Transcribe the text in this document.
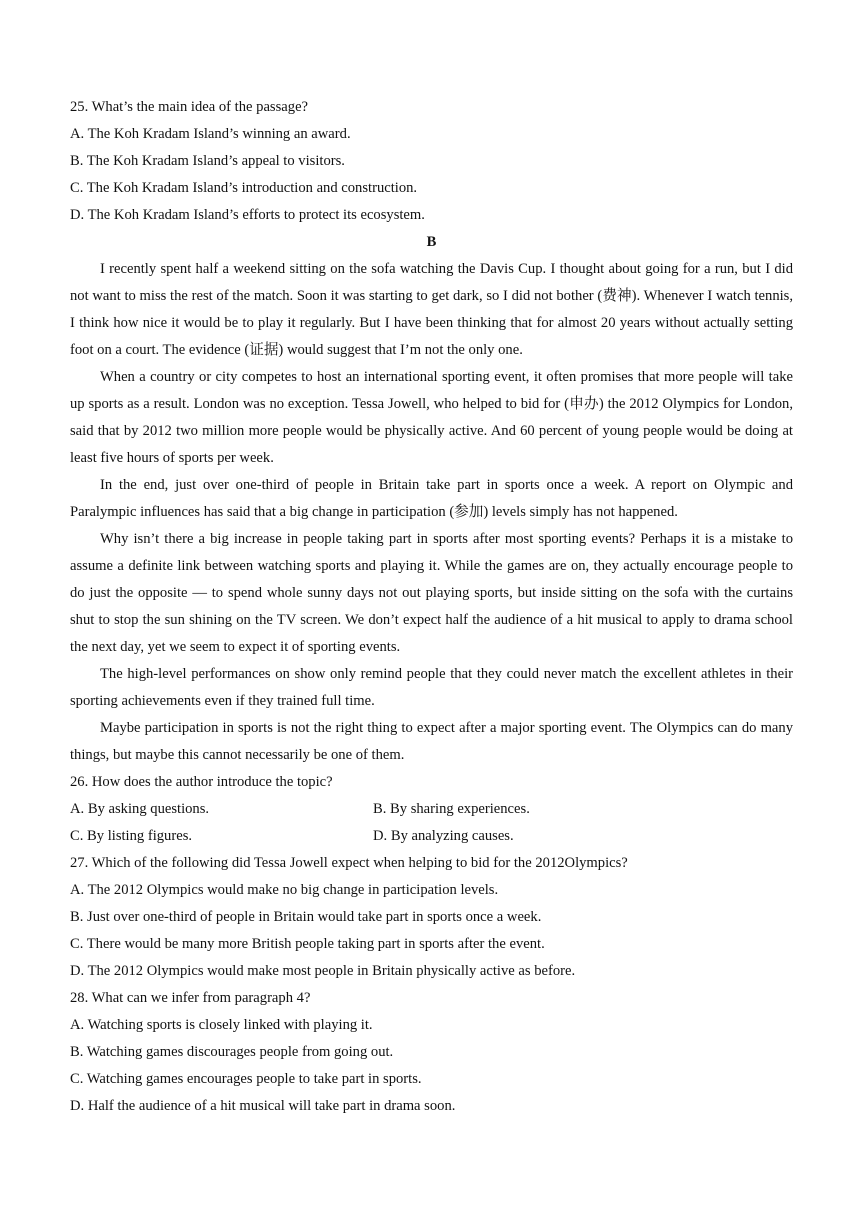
25. What’s the main idea of the passage?
A. The Koh Kradam Island’s winning an award.
B. The Koh Kradam Island’s appeal to visitors.
C. The Koh Kradam Island’s introduction and construction.
D. The Koh Kradam Island’s efforts to protect its ecosystem.
B

I recently spent half a weekend sitting on the sofa watching the Davis Cup. I thought about going for a run, but I did not want to miss the rest of the match. Soon it was starting to get dark, so I did not bother (费神). Whenever I watch tennis, I think how nice it would be to play it regularly. But I have been thinking that for almost 20 years without actually setting foot on a court. The evidence (证据) would suggest that I’m not the only one.

When a country or city competes to host an international sporting event, it often promises that more people will take up sports as a result. London was no exception. Tessa Jowell, who helped to bid for (申办) the 2012 Olympics for London, said that by 2012 two million more people would be physically active. And 60 percent of young people would be doing at least five hours of sports per week.

In the end, just over one-third of people in Britain take part in sports once a week. A report on Olympic and Paralympic influences has said that a big change in participation (参加) levels simply has not happened.

Why isn’t there a big increase in people taking part in sports after most sporting events? Perhaps it is a mistake to assume a definite link between watching sports and playing it. While the games are on, they actually encourage people to do just the opposite — to spend whole sunny days not out playing sports, but inside sitting on the sofa with the curtains shut to stop the sun shining on the TV screen. We don’t expect half the audience of a hit musical to apply to drama school the next day, yet we seem to expect it of sporting events.

The high-level performances on show only remind people that they could never match the excellent athletes in their sporting achievements even if they trained full time.

Maybe participation in sports is not the right thing to expect after a major sporting event. The Olympics can do many things, but maybe this cannot necessarily be one of them.

26. How does the author introduce the topic?
A. By asking questions.	B. By sharing experiences.
C. By listing figures.	D. By analyzing causes.
27. Which of the following did Tessa Jowell expect when helping to bid for the 2012Olympics?
A. The 2012 Olympics would make no big change in participation levels.
B. Just over one-third of people in Britain would take part in sports once a week.
C. There would be many more British people taking part in sports after the event.
D. The 2012 Olympics would make most people in Britain physically active as before.
28. What can we infer from paragraph 4?
A. Watching sports is closely linked with playing it.
B. Watching games discourages people from going out.
C. Watching games encourages people to take part in sports.
D. Half the audience of a hit musical will take part in drama soon.
